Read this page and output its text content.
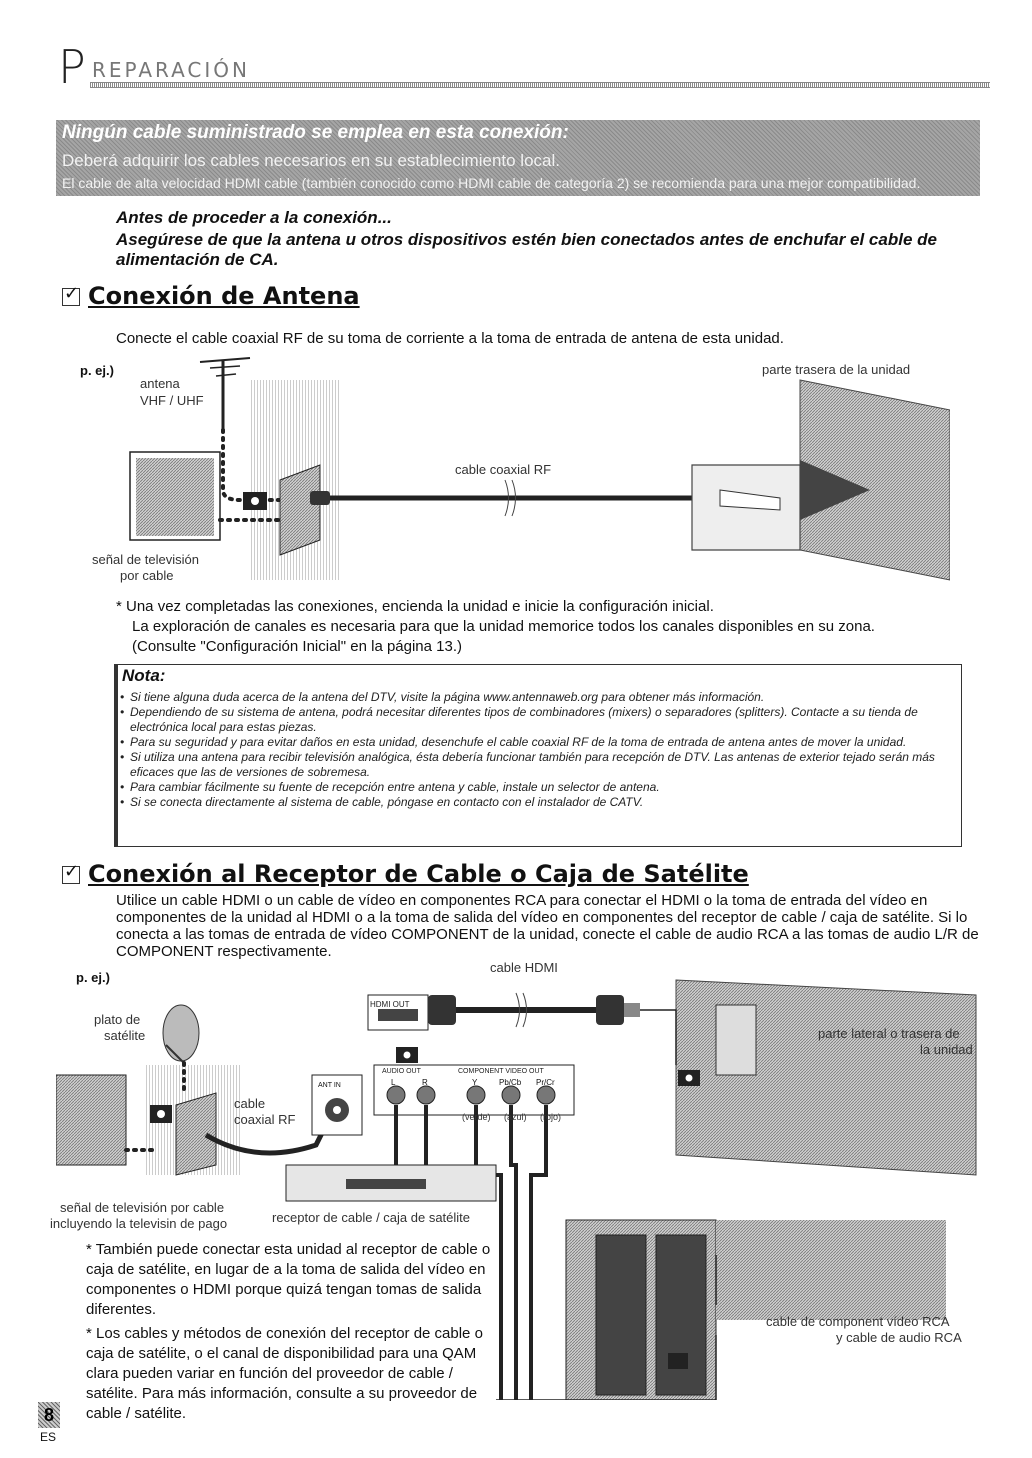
P REPARACIÓN
Ningún cable suministrado se emplea en esta conexión:
Deberá adquirir los cables necesarios en su establecimiento local.
El cable de alta velocidad HDMI cable (también conocido como HDMI cable de categoría 2) se recomienda para una mejor compatibilidad.
Antes de proceder a la conexión...
Asegúrese de que la antena u otros dispositivos estén bien conectados antes de enchufar el cable de alimentación de CA.
✓Conexión de Antena
Conecte el cable coaxial RF de su toma de corriente a la toma de entrada de antena de esta unidad.
p. ej.)
antena
VHF / UHF
parte trasera de la unidad
cable coaxial RF
señal de televisión
por cable
* Una vez completadas las conexiones, encienda la unidad e inicie la configuración inicial.
La exploración de canales es necesaria para que la unidad memorice todos los canales disponibles en su zona.
(Consulte "Configuración Inicial" en la página 13.)
Nota:
• Si tiene alguna duda acerca de la antena del DTV, visite la página www.antennaweb.org para obtener más información.
• Dependiendo de su sistema de antena, podrá necesitar diferentes tipos de combinadores (mixers) o separadores (splitters). Contacte a su tienda de electrónica local para estas piezas.
• Para su seguridad y para evitar daños en esta unidad, desenchufe el cable coaxial RF de la toma de entrada de antena antes de mover la unidad.
• Si utiliza una antena para recibir televisión analógica, ésta debería funcionar también para recepción de DTV. Las antenas de exterior tejado serán más eficaces que las de versiones de sobremesa.
• Para cambiar fácilmente su fuente de recepción entre antena y cable, instale un selector de antena.
• Si se conecta directamente al sistema de cable, póngase en contacto con el instalador de CATV.
✓Conexión al Receptor de Cable o Caja de Satélite
Utilice un cable HDMI o un cable de vídeo en componentes RCA para conectar el HDMI o la toma de entrada del vídeo en componentes de la unidad al HDMI o a la toma de salida del vídeo en componentes del receptor de cable / caja de satélite. Si lo conecta a las tomas de entrada de vídeo COMPONENT de la unidad, conecte el cable de audio RCA a las tomas de audio L/R de COMPONENT respectivamente.
p. ej.)
cable HDMI
HDMI OUT
plato de
satélite	parte lateral o trasera de
la unidad
AUDIO OUT	COMPONENT VIDEO OUT
L	R	Y	Pb/Cb Pr/Cr
ANT IN
cable
coaxial RF	(verde) (azul) (rojo)
señal de televisión por cable
incluyendo la televisin de pago	receptor de cable / caja de satélite
cable de component vídeo RCA
y cable de audio RCA
* También puede conectar esta unidad al receptor de cable o caja de satélite, en lugar de a la toma de salida del vídeo en componentes o HDMI porque quizá tengan tomas de salida diferentes.
* Los cables y métodos de conexión del receptor de cable o caja de satélite, o el canal de disponibilidad para una QAM clara pueden variar en función del proveedor de cable / satélite. Para más información, consulte a su proveedor de cable / satélite.
8
ES
